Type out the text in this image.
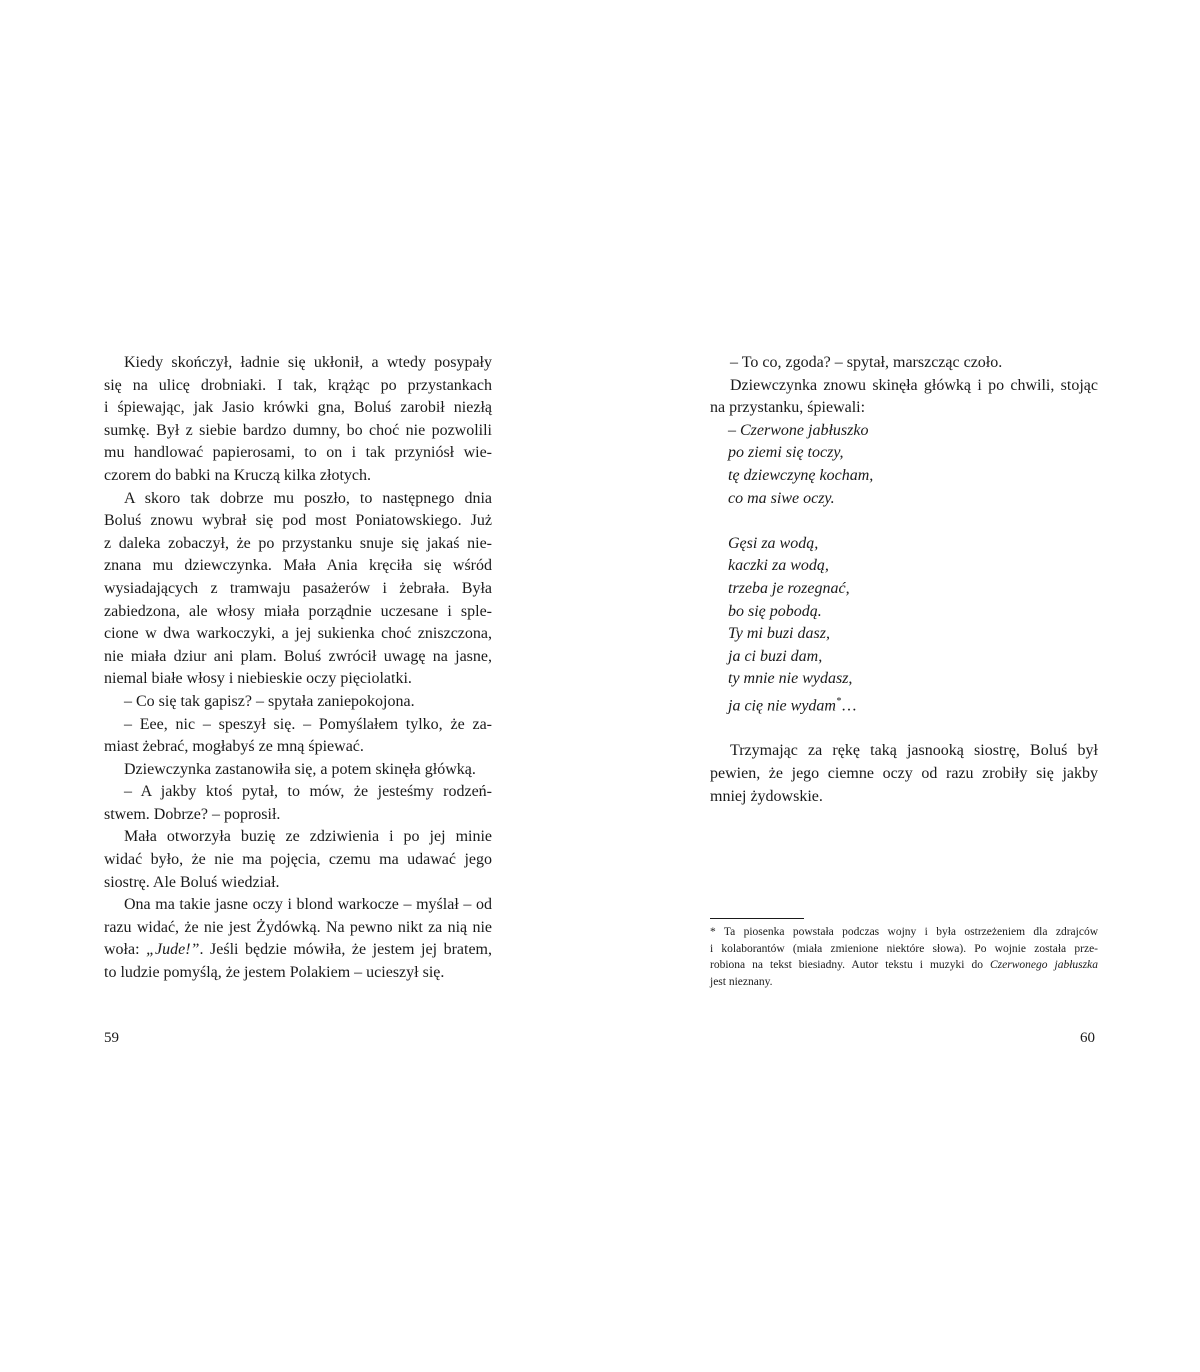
Kiedy skończył, ładnie się ukłonił, a wtedy posypały
się na ulicę drobniaki. I tak, krążąc po przystankach
i śpiewając, jak Jasio krówki gna, Boluś zarobił niezłą
sumkę. Był z siebie bardzo dumny, bo choć nie pozwolili
mu handlować papierosami, to on i tak przyniósł wie-
czorem do babki na Kruczą kilka złotych.

A skoro tak dobrze mu poszło, to następnego dnia
Boluś znowu wybrał się pod most Poniatowskiego. Już
z daleka zobaczył, że po przystanku snuje się jakaś nie-
znana mu dziewczynka. Mała Ania kręciła się wśród
wysiadających z tramwaju pasażerów i żebrała. Była
zabiedzona, ale włosy miała porządnie uczesane i sple-
cione w dwa warkoczyki, a jej sukienka choć zniszczona,
nie miała dziur ani plam. Boluś zwrócił uwagę na jasne,
niemal białe włosy i niebieskie oczy pięciolatki.

– Co się tak gapisz? – spytała zaniepokojona.

– Eee, nic – speszył się. – Pomyślałem tylko, że za-
miast żebrać, mogłabyś ze mną śpiewać.

Dziewczynka zastanowiła się, a potem skinęła główką.

– A jakby ktoś pytał, to mów, że jesteśmy rodzeń-
stwem. Dobrze? – poprosił.

Mała otworzyła buzię ze zdziwienia i po jej minie
widać było, że nie ma pojęcia, czemu ma udawać jego
siostrę. Ale Boluś wiedział.

Ona ma takie jasne oczy i blond warkocze – myślał – od
razu widać, że nie jest Żydówką. Na pewno nikt za nią nie
woła: „Jude!”. Jeśli będzie mówiła, że jestem jej bratem,
to ludzie pomyślą, że jestem Polakiem – ucieszył się.

– To co, zgoda? – spytał, marszcząc czoło.

Dziewczynka znowu skinęła główką i po chwili, stojąc
na przystanku, śpiewali:

– Czerwone jabłuszko
po ziemi się toczy,
tę dziewczynę kocham,
co ma siwe oczy.
Gęsi za wodą,
kaczki za wodą,
trzeba je rozegnać,
bo się pobodą.
Ty mi buzi dasz,
ja ci buzi dam,
ty mnie nie wydasz,
ja cię nie wydam*…

Trzymając za rękę taką jasnooką siostrę, Boluś był
pewien, że jego ciemne oczy od razu zrobiły się jakby
mniej żydowskie.

* Ta piosenka powstała podczas wojny i była ostrzeżeniem dla zdrajców
i kolaborantów (miała zmienione niektóre słowa). Po wojnie została prze-
robiona na tekst biesiadny. Autor tekstu i muzyki do Czerwonego jabłuszka
jest nieznany.
59	60
